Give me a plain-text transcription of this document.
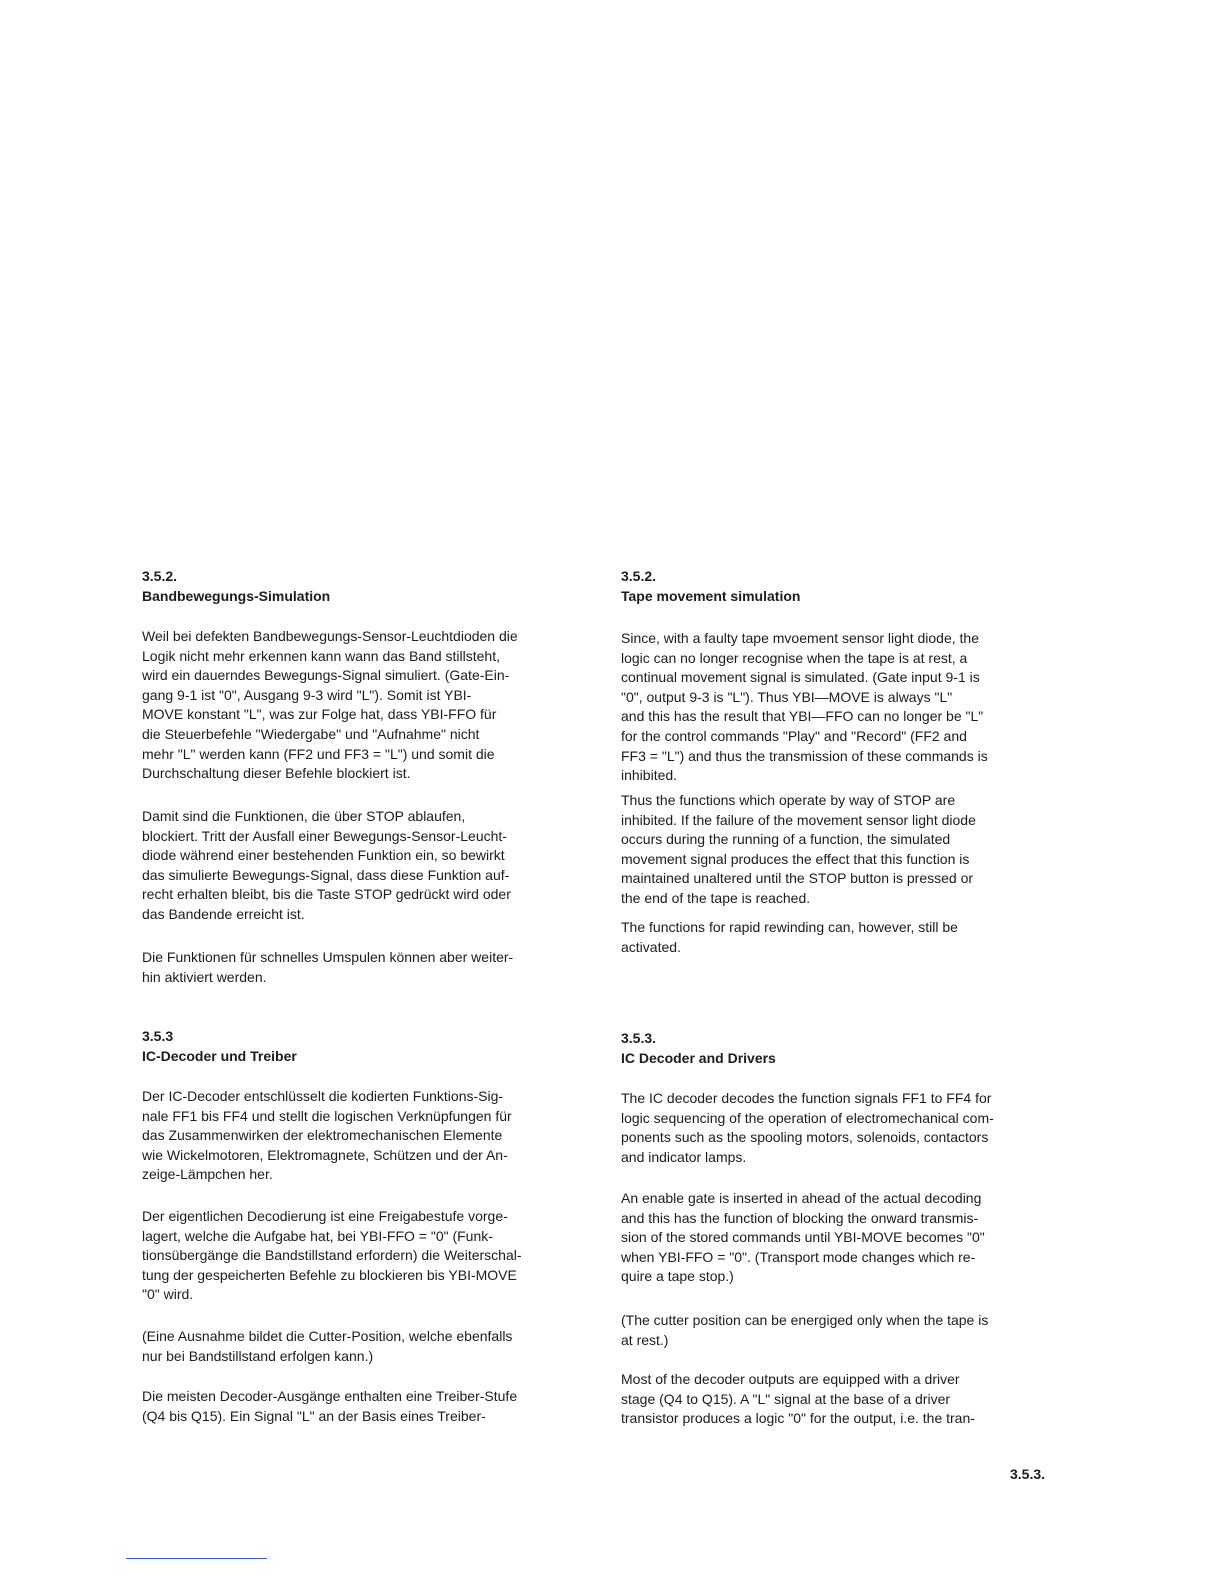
3.5.2.

Bandbewegungs-Simulation

Weil bei defekten Bandbewegungs-Sensor-Leuchtdioden die
Logik nicht mehr erkennen kann wann das Band stillsteht,
wird ein dauerndes Bewegungs-Signal simuliert. (Gate-Ein-
gang 9-1 ist "0", Ausgang 9-3 wird "L"). Somit ist YBI-
MOVE konstant "L", was zur Folge hat, dass YBI-FFO für
die Steuerbefehle "Wiedergabe" und "Aufnahme" nicht
mehr "L" werden kann (FF2 und FF3 = "L") und somit die
Durchschaltung dieser Befehle blockiert ist.

Damit sind die Funktionen, die über STOP ablaufen,
blockiert. Tritt der Ausfall einer Bewegungs-Sensor-Leucht-
diode während einer bestehenden Funktion ein, so bewirkt
das simulierte Bewegungs-Signal, dass diese Funktion auf-
recht erhalten bleibt, bis die Taste STOP gedrückt wird oder
das Bandende erreicht ist.

Die Funktionen für schnelles Umspulen können aber weiter-
hin aktiviert werden.

3.5.3

IC-Decoder und Treiber

Der IC-Decoder entschlüsselt die kodierten Funktions-Sig-
nale FF1 bis FF4 und stellt die logischen Verknüpfungen für
das Zusammenwirken der elektromechanischen Elemente
wie Wickelmotoren, Elektromagnete, Schützen und der An-
zeige-Lämpchen her.

Der eigentlichen Decodierung ist eine Freigabestufe vorge-
lagert, welche die Aufgabe hat, bei YBI-FFO = "0" (Funk-
tionsübergänge die Bandstillstand erfordern) die Weiterschal-
tung der gespeicherten Befehle zu blockieren bis YBI-MOVE
"0" wird.

(Eine Ausnahme bildet die Cutter-Position, welche ebenfalls
nur bei Bandstillstand erfolgen kann.)

Die meisten Decoder-Ausgänge enthalten eine Treiber-Stufe
(Q4 bis Q15). Ein Signal "L" an der Basis eines Treiber-

3.5.2.

Tape movement simulation

Since, with a faulty tape mvoement sensor light diode, the
logic can no longer recognise when the tape is at rest, a
continual movement signal is simulated. (Gate input 9-1 is
"0", output 9-3 is "L"). Thus YBI—MOVE is always "L"
and this has the result that YBI—FFO can no longer be "L"
for the control commands "Play" and "Record" (FF2 and
FF3 = "L") and thus the transmission of these commands is
inhibited.

Thus the functions which operate by way of STOP are
inhibited. If the failure of the movement sensor light diode
occurs during the running of a function, the simulated
movement signal produces the effect that this function is
maintained unaltered until the STOP button is pressed or
the end of the tape is reached.

The functions for rapid rewinding can, however, still be
activated.

3.5.3.

IC Decoder and Drivers

The IC decoder decodes the function signals FF1 to FF4 for
logic sequencing of the operation of electromechanical com-
ponents such as the spooling motors, solenoids, contactors
and indicator lamps.

An enable gate is inserted in ahead of the actual decoding
and this has the function of blocking the onward transmis-
sion of the stored commands until YBI-MOVE becomes "0"
when YBI-FFO = "0". (Transport mode changes which re-
quire a tape stop.)

(The cutter position can be energiged only when the tape is
at rest.)

Most of the decoder outputs are equipped with a driver
stage (Q4 to Q15). A "L" signal at the base of a driver
transistor produces a logic "0" for the output, i.e. the tran-

3.5.3.
